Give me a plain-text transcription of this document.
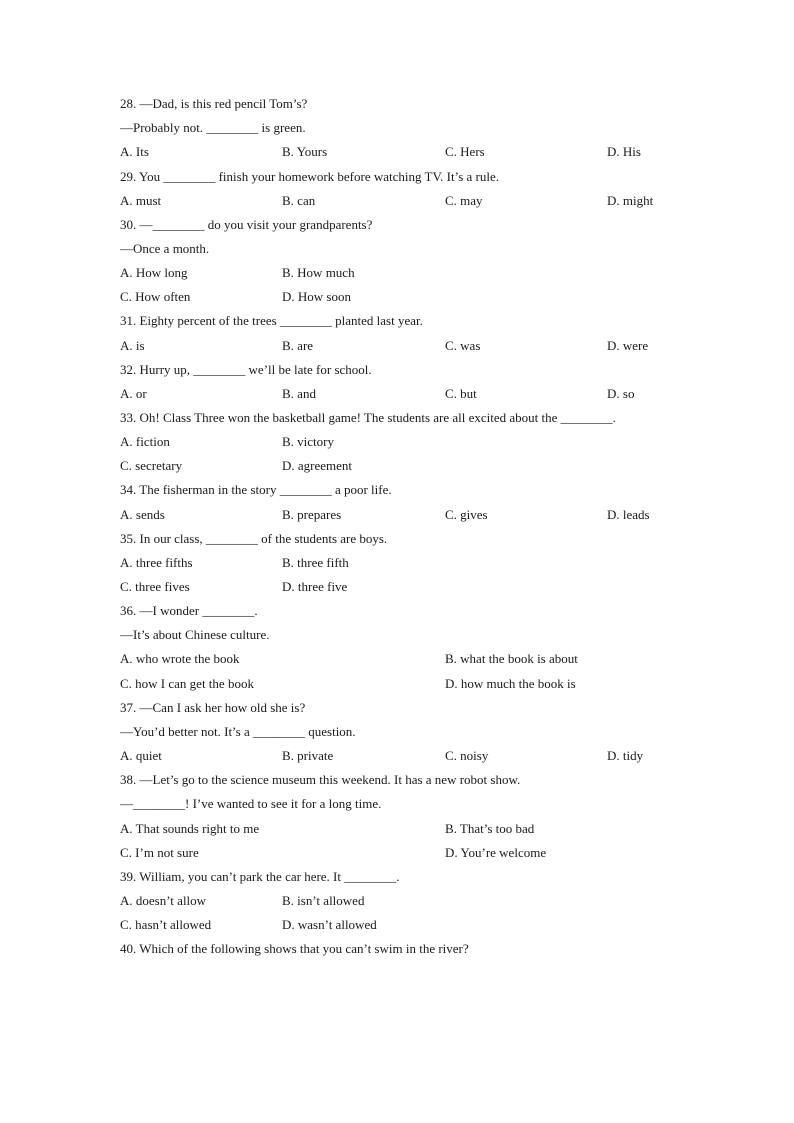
28. —Dad, is this red pencil Tom’s?
—Probably not. ________ is green.
A. Its	B. Yours	C. Hers	D. His
29. You ________ finish your homework before watching TV. It’s a rule.
A. must	B. can	C. may	D. might
30. —________ do you visit your grandparents?
—Once a month.
A. How long	B. How much
C. How often	D. How soon
31. Eighty percent of the trees ________ planted last year.
A. is	B. are	C. was	D. were
32. Hurry up, ________ we’ll be late for school.
A. or	B. and	C. but	D. so
33. Oh! Class Three won the basketball game! The students are all excited about the ________.
A. fiction	B. victory
C. secretary	D. agreement
34. The fisherman in the story ________ a poor life.
A. sends	B. prepares	C. gives	D. leads
35. In our class, ________ of the students are boys.
A. three fifths	B. three fifth
C. three fives	D. three five
36. —I wonder ________.
—It’s about Chinese culture.
A. who wrote the book	B. what the book is about
C. how I can get the book	D. how much the book is
37. —Can I ask her how old she is?
—You’d better not. It’s a ________ question.
A. quiet	B. private	C. noisy	D. tidy
38. —Let’s go to the science museum this weekend. It has a new robot show.
—________! I’ve wanted to see it for a long time.
A. That sounds right to me	B. That’s too bad
C. I’m not sure	D. You’re welcome
39. William, you can’t park the car here. It ________.
A. doesn’t allow	B. isn’t allowed
C. hasn’t allowed	D. wasn’t allowed
40. Which of the following shows that you can’t swim in the river?
